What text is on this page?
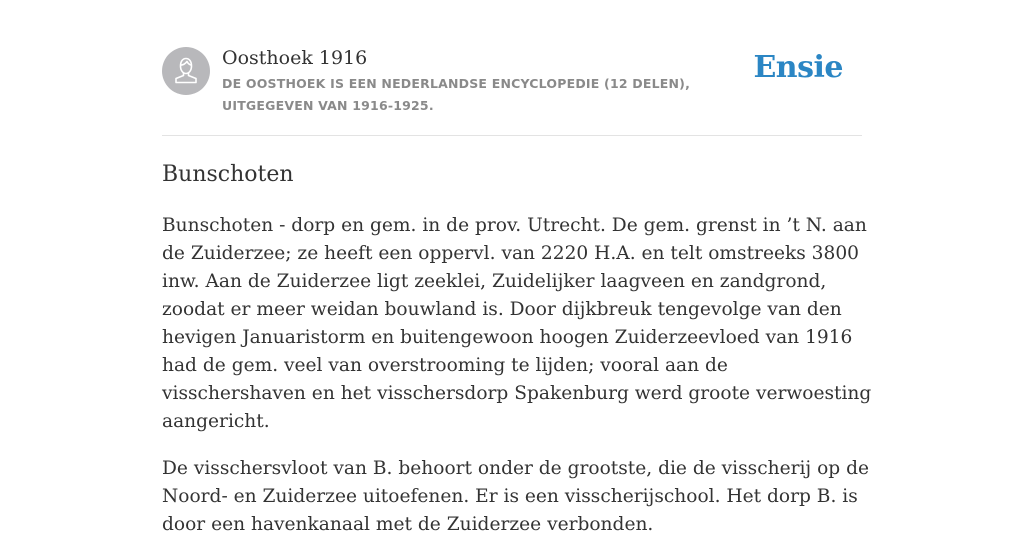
Oosthoek 1916
DE OOSTHOEK IS EEN NEDERLANDSE ENCYCLOPEDIE (12 DELEN), UITGEGEVEN VAN 1916-1925.
Ensie
Bunschoten

Bunschoten - dorp en gem. in de prov. Utrecht. De gem. grenst in ’t N. aan de Zuiderzee; ze heeft een oppervl. van 2220 H.A. en telt omstreeks 3800 inw. Aan de Zuiderzee ligt zeeklei, Zuidelijker laagveen en zandgrond, zoodat er meer weidan bouwland is. Door dijkbreuk tengevolge van den hevigen Januaristorm en buitengewoon hoogen Zuiderzeevloed van 1916 had de gem. veel van overstrooming te lijden; vooral aan de visschershaven en het visschersdorp Spakenburg werd groote verwoesting aangericht.

De visschersvloot van B. behoort onder de grootste, die de visscherij op de Noord- en Zuiderzee uitoefenen. Er is een visscherijschool. Het dorp B. is door een havenkanaal met de Zuiderzee verbonden.
